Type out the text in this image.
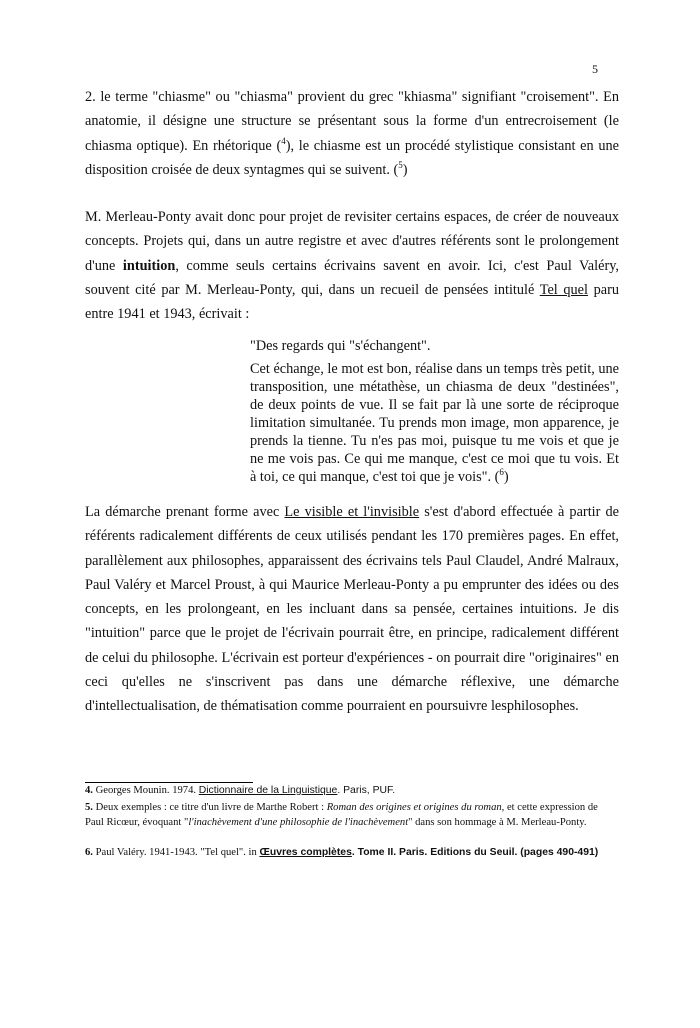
5

2. le terme "chiasme" ou "chiasma" provient du grec "khiasma" signifiant "croisement". En anatomie, il désigne une structure se présentant sous la forme d'un entrecroisement (le chiasma optique). En rhétorique ($^4$), le chiasme est un procédé stylistique consistant en une disposition croisée de deux syntagmes qui se suivent. ($^5$)

M. Merleau-Ponty avait donc pour projet de revisiter certains espaces, de créer de nouveaux concepts. Projets qui, dans un autre registre et avec d'autres référents sont le prolongement d'une intuition, comme seuls certains écrivains savent en avoir. Ici, c'est Paul Valéry, souvent cité par M. Merleau-Ponty, qui, dans un recueil de pensées intitulé Tel quel paru entre 1941 et 1943, écrivait :

"Des regards qui "s'échangent".

Cet échange, le mot est bon, réalise dans un temps très petit, une transposition, une métathèse, un chiasma de deux "destinées", de deux points de vue. Il se fait par là une sorte de réciproque limitation simultanée. Tu prends mon image, mon apparence, je prends la tienne. Tu n'es pas moi, puisque tu me vois et que je ne me vois pas. Ce qui me manque, c'est ce moi que tu vois. Et à toi, ce qui manque, c'est toi que je vois". ($^6$)

La démarche prenant forme avec Le visible et l'invisible s'est d'abord effectuée à partir de référents radicalement différents de ceux utilisés pendant les 170 premières pages. En effet, parallèlement aux philosophes, apparaissent des écrivains tels Paul Claudel, André Malraux, Paul Valéry et Marcel Proust, à qui Maurice Merleau-Ponty a pu emprunter des idées ou des concepts, en les prolongeant, en les incluant dans sa pensée, certaines intuitions. Je dis "intuition" parce que le projet de l'écrivain pourrait être, en principe, radicalement différent de celui du philosophe. L'écrivain est porteur d'expériences - on pourrait dire "originaires" en ceci qu'elles ne s'inscrivent pas dans une démarche réflexive, une démarche d'intellectualisation, de thématisation comme pourraient en poursuivre lesphilosophes.

4. Georges Mounin. 1974. Dictionnaire de la Linguistique. Paris, PUF.

5. Deux exemples : ce titre d'un livre de Marthe Robert : Roman des origines et origines du roman, et cette expression de Paul Ricœur, évoquant "l'inachèvement d'une philosophie de l'inachèvement" dans son hommage à M. Merleau-Ponty.

6. Paul Valéry. 1941-1943. "Tel quel". in Œuvres complètes. Tome II. Paris. Editions du Seuil. (pages 490-491)
